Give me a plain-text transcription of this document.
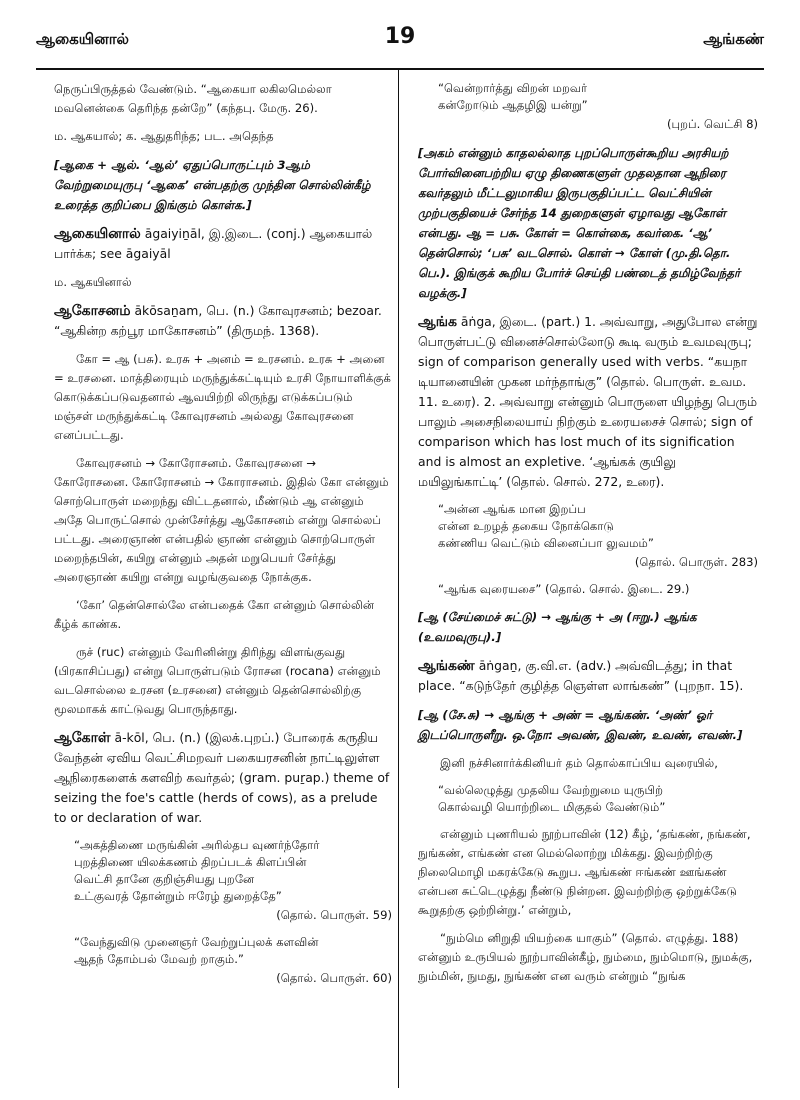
ஆகையினால்	19	ஆங்கண்
நெருப்பிருத்தல் வேண்டும். “ஆகையா லகிலமெல்லா மவனென்கை தெரிந்த தன்றே” (கந்தபு. மேரு. 26).
ம. ஆகயால்; க. ஆதுதரிந்த; பட. அதெந்த
[ஆகை + ஆல். ‘ஆல்’ ஏதுப்பொருட்பும் 3ஆம் வேற்றுமையுருபு ‘ஆகை’ என்பதற்கு முந்தின சொல்லின்கீழ் உரைத்த குறிப்பை இங்கும் கொள்க.]
ஆகையினால் āgaiyiṉāl, இ.இடை. (conj.) ஆகையால் பார்க்க; see āgaiyāl
ம. ஆகயினால்
ஆகோசனம் ākōsaṉam, பெ. (n.) கோவுரசனம்; bezoar. “ஆகின்ற கற்பூர மாகோசனம்” (திருமந். 1368).
கோ = ஆ (பசு). உரசு + அனம் = உரசனம். உரசு + அனை = உரசனை. மாத்திரையும் மருந்துக்கட்டியும் உரசி நோயாளிக்குக் கொடுக்கப்படுவதனால் ஆவயிற்றி லிருந்து எடுக்கப்படும் மஞ்சள் மருந்துக்கட்டி கோவுரசனம் அல்லது கோவுரசனை எனப்பட்டது.
கோவுரசனம் → கோரோசனம். கோவுரசனை → கோரோசனை. கோரோசனம் → கோராசனம். இதில் கோ என்னும் சொற்பொருள் மறைந்து விட்டதனால், மீண்டும் ஆ என்னும் அதே பொருட்சொல் முன்சேர்த்து ஆகோசனம் என்று சொல்லப் பட்டது. அரைஞாண் என்பதில் ஞாண் என்னும் சொற்பொருள் மறைந்தபின், கயிறு என்னும் அதன் மறுபெயர் சேர்த்து அரைஞாண் கயிறு என்று வழங்குவதை நோக்குக.
‘கோ’ தென்சொல்லே என்பதைக் கோ என்னும் சொல்லின் கீழ்க் காண்க.
ருச் (ruc) என்னும் வேரினின்று திரிந்து விளங்குவது (பிரகாசிப்பது) என்று பொருள்படும் ரோசன (rocana) என்னும் வடசொல்லை உரசன (உரசனை) என்னும் தென்சொல்லிற்கு மூலமாகக் காட்டுவது பொருந்தாது.
ஆகோள் ā-kōl, பெ. (n.) (இலக்.புறப்.) போரைக் கருதிய வேந்தன் ஏவிய வெட்சிமறவர் பகையரசனின் நாட்டிலுள்ள ஆநிரைகளைக் களவிற் கவர்தல்; (gram. puṟap.) theme of seizing the foe's cattle (herds of cows), as a prelude to or declaration of war.
“அகத்திணை மருங்கின் அரில்தப வுணர்ந்தோர்
புறத்திணை யிலக்கணம் திறப்படக் கிளப்பின்
வெட்சி தானே குறிஞ்சியது புறனே
உட்குவரத் தோன்றும் ஈரேழ் துறைத்தே”
(தொல். பொருள். 59)
“வேந்துவிடு முனைஞர் வேற்றுப்புலக் களவின்
ஆதந் தோம்பல் மேவற் றாகும்.”
(தொல். பொருள். 60)
“வென்றார்த்து விறன் மறவர்
கன்றோடும் ஆதழிஇ யன்று”
(புறப். வெட்சி 8)
[அகம் என்னும் காதலல்லாத புறப்பொருள்கூறிய அரசியற் போர்வினைபற்றிய ஏழு திணைகளுள் முதலதான ஆநிரை கவர்தலும் மீட்டலுமாகிய இருபகுதிப்பட்ட வெட்சியின் முற்பகுதியைச் சேர்ந்த 14 துறைகளுள் ஏழாவது ஆகோள் என்பது. ஆ = பசு. கோள் = கொள்கை, கவர்கை. ‘ஆ’ தென்சொல்; ‘பசு’ வடசொல். கொள் → கோள் (மு.தி.தொ. பெ.). இங்குக் கூறிய போர்ச் செய்தி பண்டைத் தமிழ்வேந்தர் வழக்கு.]
ஆங்க āṅga, இடை. (part.) 1. அவ்வாறு, அதுபோல என்று பொருள்பட்டு வினைச்சொல்லோடு கூடி வரும் உவமவுருபு; sign of comparison generally used with verbs. “கயநா டியானையின் முகன மர்ந்தாங்கு” (தொல். பொருள். உவம. 11. உரை). 2. அவ்வாறு என்னும் பொருளை யிழந்து பெரும் பாலும் அசைநிலையாய் நிற்கும் உரையசைச் சொல்; sign of comparison which has lost much of its signification and is almost an expletive. ‘ஆங்கக் குயிலு மயிலுங்காட்டி’ (தொல். சொல். 272, உரை).
“அன்ன ஆங்க மான இறப்ப
என்ன உறழத் தகைய நோக்கொடு
கண்ணிய வெட்டும் வினைப்பா லுவமம்”
(தொல். பொருள். 283)
“ஆங்க வுரையசை” (தொல். சொல். இடை. 29.)
[ஆ (சேய்மைச் சுட்டு) → ஆங்கு + அ (ஈறு.) ஆங்க (உவமவுருபு).]
ஆங்கண் āṅgaṉ, கு.வி.எ. (adv.) அவ்விடத்து; in that place. “கடுந்தேர் குழித்த ஞெள்ள லாங்கண்” (புறநா. 15).
[ஆ (சே.சு) → ஆங்கு + அண் = ஆங்கண். ‘அண்’ ஓர் இடப்பொருளீறு. ஒ.நோ: அவண், இவண், உவண், எவண்.]
இனி நச்சினார்க்கினியர் தம் தொல்காப்பிய வுரையில்,
“வல்லெழுத்து முதலிய வேற்றுமை யுருபிற்
கொல்வழி யொற்றிடை மிகுதல் வேண்டும்”
என்னும் புணரியல் நூற்பாவின் (12) கீழ், ‘தங்கண், நங்கண், நுங்கண், எங்கண் என மெல்லொற்று மிக்கது. இவற்றிற்கு நிலைமொழி மகரக்கேடு கூறுப. ஆங்கண் ஈங்கண் ஊங்கண் என்பன சுட்டெழுத்து நீண்டு நின்றன. இவற்றிற்கு ஒற்றுக்கேடு கூறுதற்கு ஒற்றின்று.’ என்றும்,
“நும்மெ னிறுதி யியற்கை யாகும்” (தொல். எழுத்து. 188) என்னும் உருபியல் நூற்பாவின்கீழ், நும்மை, நும்மொடு, நுமக்கு, நும்மின், நுமது, நுங்கண் என வரும் என்றும் “நுங்க
